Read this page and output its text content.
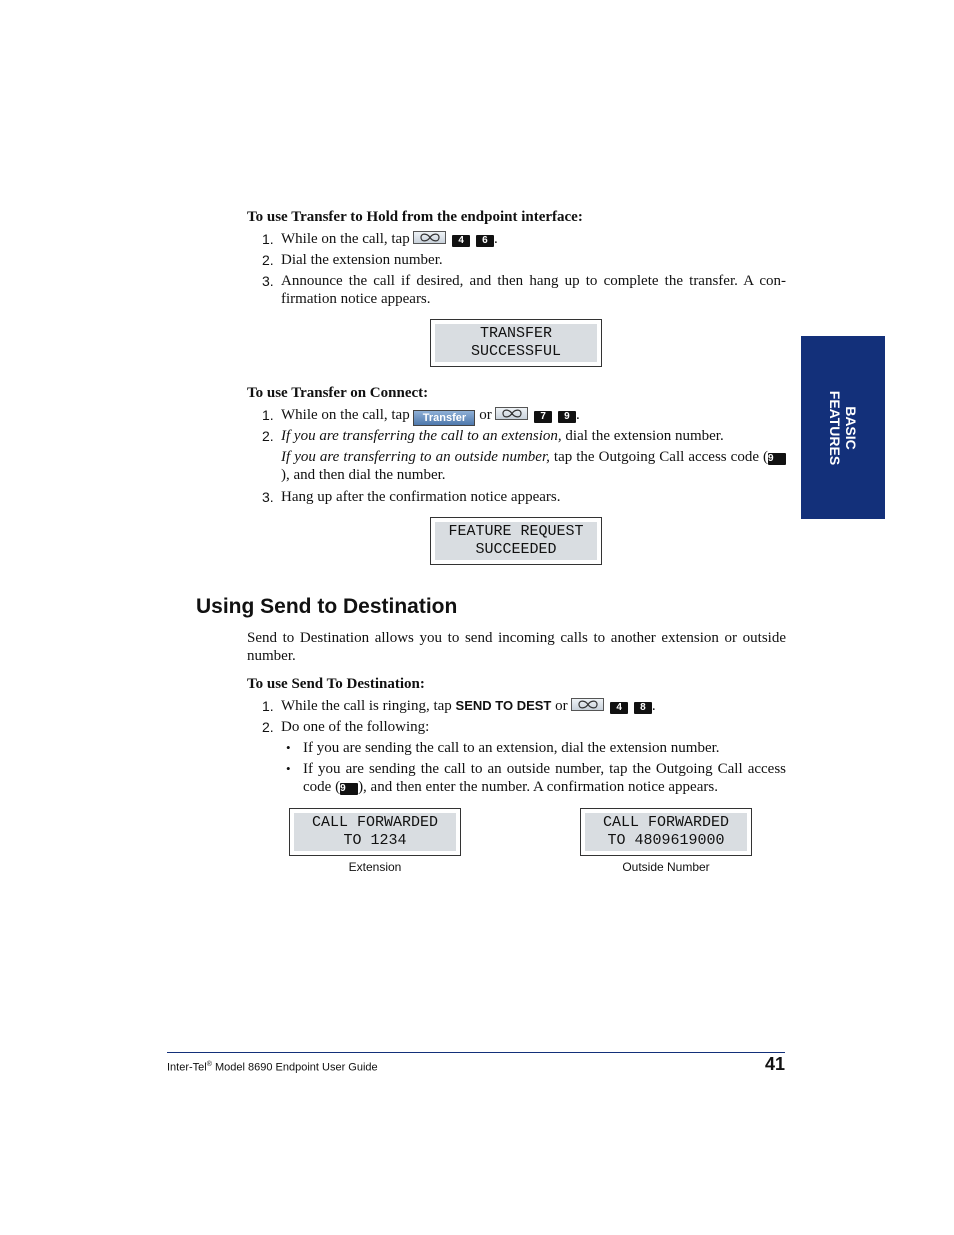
BASIC
FEATURES
To use Transfer to Hold from the endpoint interface:
1. While on the call, tap	4 6 .
2. Dial the extension number.
3. Announce the call if desired, and then hang up to complete the transfer. A con-firmation notice appears.
TRANSFER
SUCCESSFUL
To use Transfer on Connect:
1. While on the call, tap Transfer or	7 9 .
2. If you are transferring the call to an extension, dial the extension number.
If you are transferring to an outside number, tap the Outgoing Call access code (9), and then dial the number.
3. Hang up after the confirmation notice appears.
FEATURE REQUEST
SUCCEEDED
Using Send to Destination
Send to Destination allows you to send incoming calls to another extension or outside number.
To use Send To Destination:
1. While the call is ringing, tap SEND TO DEST or	4 8 .
2. Do one of the following:
• If you are sending the call to an extension, dial the extension number.
• If you are sending the call to an outside number, tap the Outgoing Call access code (9 ), and then enter the number. A confirmation notice appears.
CALL FORWARDED
TO 1234
Extension
CALL FORWARDED
TO 4809619000
Outside Number
Inter-Tel® Model 8690 Endpoint User Guide	41
